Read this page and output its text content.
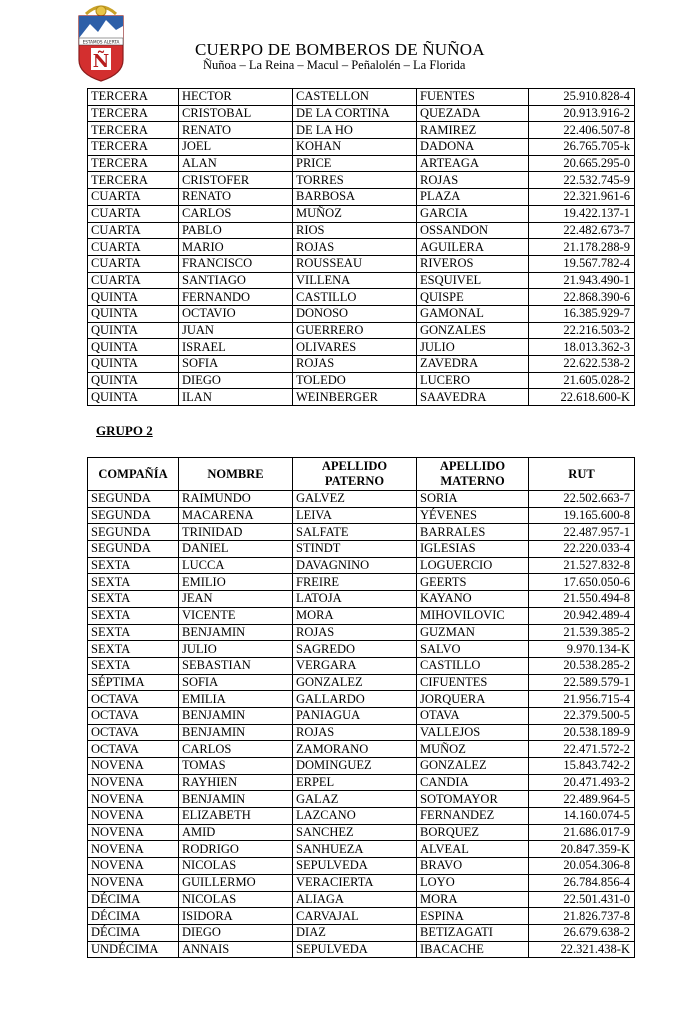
ESTAMOS ALERTA
Ñ
CUERPO DE BOMBEROS DE ÑUÑOA
Ñuñoa – La Reina – Macul – Peñalolén – La Florida
TERCERA	HECTOR	CASTELLON	FUENTES	25.910.828-4
TERCERA	CRISTOBAL	DE LA CORTINA	QUEZADA	20.913.916-2
TERCERA	RENATO	DE LA HO	RAMIREZ	22.406.507-8
TERCERA	JOEL	KOHAN	DADONA	26.765.705-k
TERCERA	ALAN	PRICE	ARTEAGA	20.665.295-0
TERCERA	CRISTOFER	TORRES	ROJAS	22.532.745-9
CUARTA	RENATO	BARBOSA	PLAZA	22.321.961-6
CUARTA	CARLOS	MUÑOZ	GARCIA	19.422.137-1
CUARTA	PABLO	RIOS	OSSANDON	22.482.673-7
CUARTA	MARIO	ROJAS	AGUILERA	21.178.288-9
CUARTA	FRANCISCO	ROUSSEAU	RIVEROS	19.567.782-4
CUARTA	SANTIAGO	VILLENA	ESQUIVEL	21.943.490-1
QUINTA	FERNANDO	CASTILLO	QUISPE	22.868.390-6
QUINTA	OCTAVIO	DONOSO	GAMONAL	16.385.929-7
QUINTA	JUAN	GUERRERO	GONZALES	22.216.503-2
QUINTA	ISRAEL	OLIVARES	JULIO	18.013.362-3
QUINTA	SOFIA	ROJAS	ZAVEDRA	22.622.538-2
QUINTA	DIEGO	TOLEDO	LUCERO	21.605.028-2
QUINTA	ILAN	WEINBERGER	SAAVEDRA	22.618.600-K
GRUPO 2
COMPAÑÍA	NOMBRE	APELLIDO PATERNO	APELLIDO MATERNO	RUT
SEGUNDA	RAIMUNDO	GALVEZ	SORIA	22.502.663-7
SEGUNDA	MACARENA	LEIVA	YÉVENES	19.165.600-8
SEGUNDA	TRINIDAD	SALFATE	BARRALES	22.487.957-1
SEGUNDA	DANIEL	STINDT	IGLESIAS	22.220.033-4
SEXTA	LUCCA	DAVAGNINO	LOGUERCIO	21.527.832-8
SEXTA	EMILIO	FREIRE	GEERTS	17.650.050-6
SEXTA	JEAN	LATOJA	KAYANO	21.550.494-8
SEXTA	VICENTE	MORA	MIHOVILOVIC	20.942.489-4
SEXTA	BENJAMIN	ROJAS	GUZMAN	21.539.385-2
SEXTA	JULIO	SAGREDO	SALVO	9.970.134-K
SEXTA	SEBASTIAN	VERGARA	CASTILLO	20.538.285-2
SÉPTIMA	SOFIA	GONZALEZ	CIFUENTES	22.589.579-1
OCTAVA	EMILIA	GALLARDO	JORQUERA	21.956.715-4
OCTAVA	BENJAMIN	PANIAGUA	OTAVA	22.379.500-5
OCTAVA	BENJAMIN	ROJAS	VALLEJOS	20.538.189-9
OCTAVA	CARLOS	ZAMORANO	MUÑOZ	22.471.572-2
NOVENA	TOMAS	DOMINGUEZ	GONZALEZ	15.843.742-2
NOVENA	RAYHIEN	ERPEL	CANDIA	20.471.493-2
NOVENA	BENJAMIN	GALAZ	SOTOMAYOR	22.489.964-5
NOVENA	ELIZABETH	LAZCANO	FERNANDEZ	14.160.074-5
NOVENA	AMID	SANCHEZ	BORQUEZ	21.686.017-9
NOVENA	RODRIGO	SANHUEZA	ALVEAL	20.847.359-K
NOVENA	NICOLAS	SEPULVEDA	BRAVO	20.054.306-8
NOVENA	GUILLERMO	VERACIERTA	LOYO	26.784.856-4
DÉCIMA	NICOLAS	ALIAGA	MORA	22.501.431-0
DÉCIMA	ISIDORA	CARVAJAL	ESPINA	21.826.737-8
DÉCIMA	DIEGO	DIAZ	BETIZAGATI	26.679.638-2
UNDÉCIMA	ANNAIS	SEPULVEDA	IBACACHE	22.321.438-K
